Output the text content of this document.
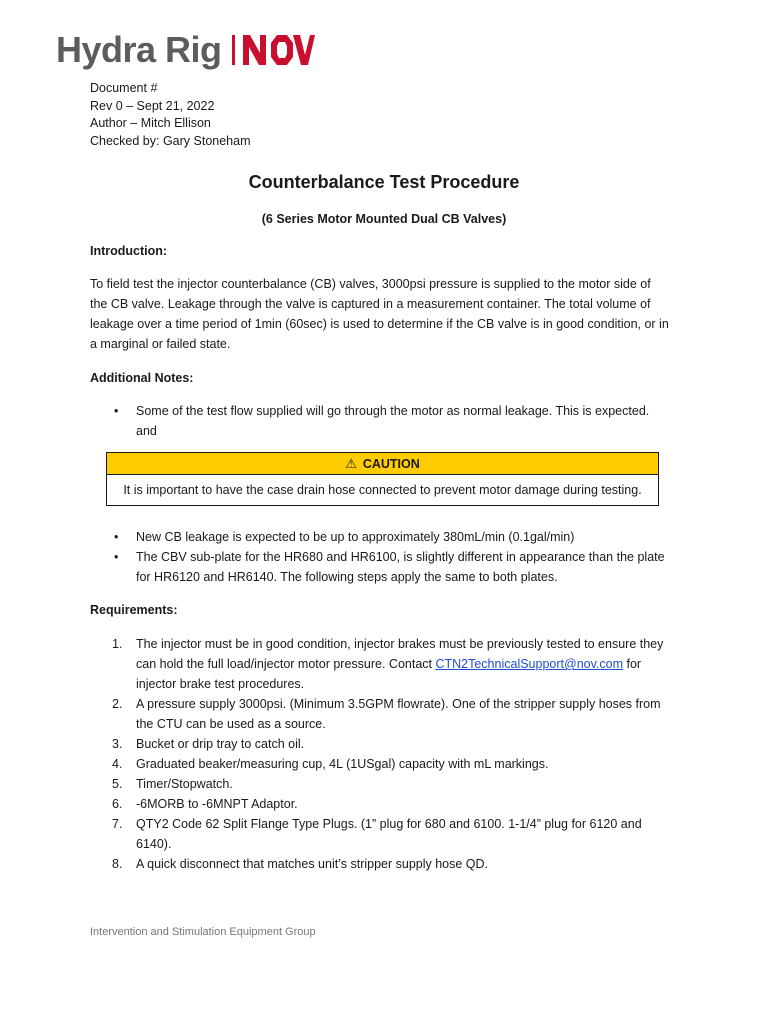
Hydra Rig
Document #
Rev 0 – Sept 21, 2022
Author – Mitch Ellison
Checked by: Gary Stoneham
Counterbalance Test Procedure
(6 Series Motor Mounted Dual CB Valves)
Introduction:
To field test the injector counterbalance (CB) valves, 3000psi pressure is supplied to the motor side of
the CB valve. Leakage through the valve is captured in a measurement container. The total volume of
leakage over a time period of 1min (60sec) is used to determine if the CB valve is in good condition, or in
a marginal or failed state.
Additional Notes:
• Some of the test flow supplied will go through the motor as normal leakage. This is expected.
and
⚠ CAUTION
It is important to have the case drain hose connected to prevent motor damage during testing.
• New CB leakage is expected to be up to approximately 380mL/min (0.1gal/min)
• The CBV sub-plate for the HR680 and HR6100, is slightly different in appearance than the plate
for HR6120 and HR6140. The following steps apply the same to both plates.
Requirements:
1. The injector must be in good condition, injector brakes must be previously tested to ensure they
can hold the full load/injector motor pressure. Contact CTN2TechnicalSupport@nov.com for
injector brake test procedures.
2. A pressure supply 3000psi. (Minimum 3.5GPM flowrate). One of the stripper supply hoses from
the CTU can be used as a source.
3. Bucket or drip tray to catch oil.
4. Graduated beaker/measuring cup, 4L (1USgal) capacity with mL markings.
5. Timer/Stopwatch.
6. -6MORB to -6MNPT Adaptor.
7. QTY2 Code 62 Split Flange Type Plugs. (1” plug for 680 and 6100. 1-1/4” plug for 6120 and
6140).
8. A quick disconnect that matches unit’s stripper supply hose QD.
Intervention and Stimulation Equipment Group
